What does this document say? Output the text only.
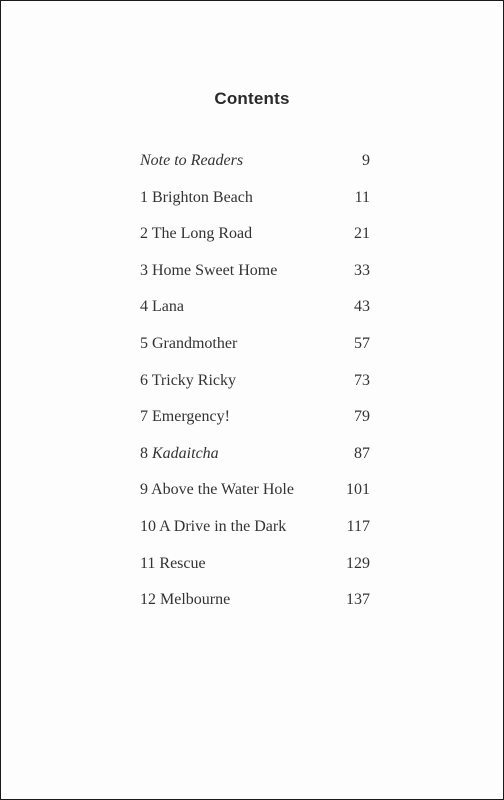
Contents
Note to Readers	9
1 Brighton Beach	11
2 The Long Road	21
3 Home Sweet Home	33
4 Lana	43
5 Grandmother	57
6 Tricky Ricky	73
7 Emergency!	79
8 Kadaitcha	87
9 Above the Water Hole	101
10 A Drive in the Dark	117
11 Rescue	129
12 Melbourne	137
